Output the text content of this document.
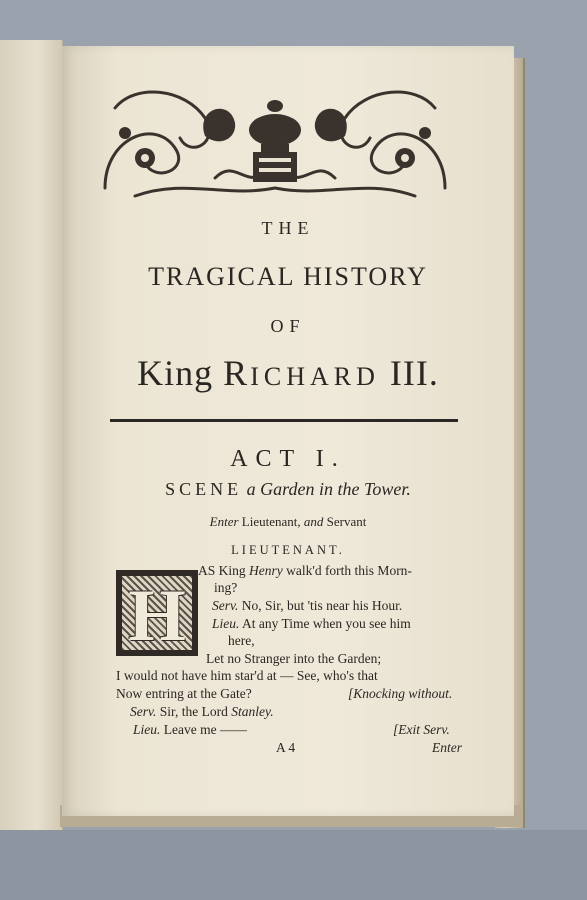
THE
TRAGICAL HISTORY
OF
King RICHARD III.
ACT I.
SCENE a Garden in the Tower.
Enter Lieutenant, and Servant
LIEUTENANT.
H
AS King Henry walk'd forth this Morn-
ing?
Serv. No, Sir, but 'tis near his Hour.
Lieu. At any Time when you see him
here,
Let no Stranger into the Garden;
I would not have him star'd at — See, who's that
Now entring at the Gate?	[Knocking without.
Serv. Sir, the Lord Stanley.
Lieu. Leave me ——	[Exit Serv.
A 4	Enter
